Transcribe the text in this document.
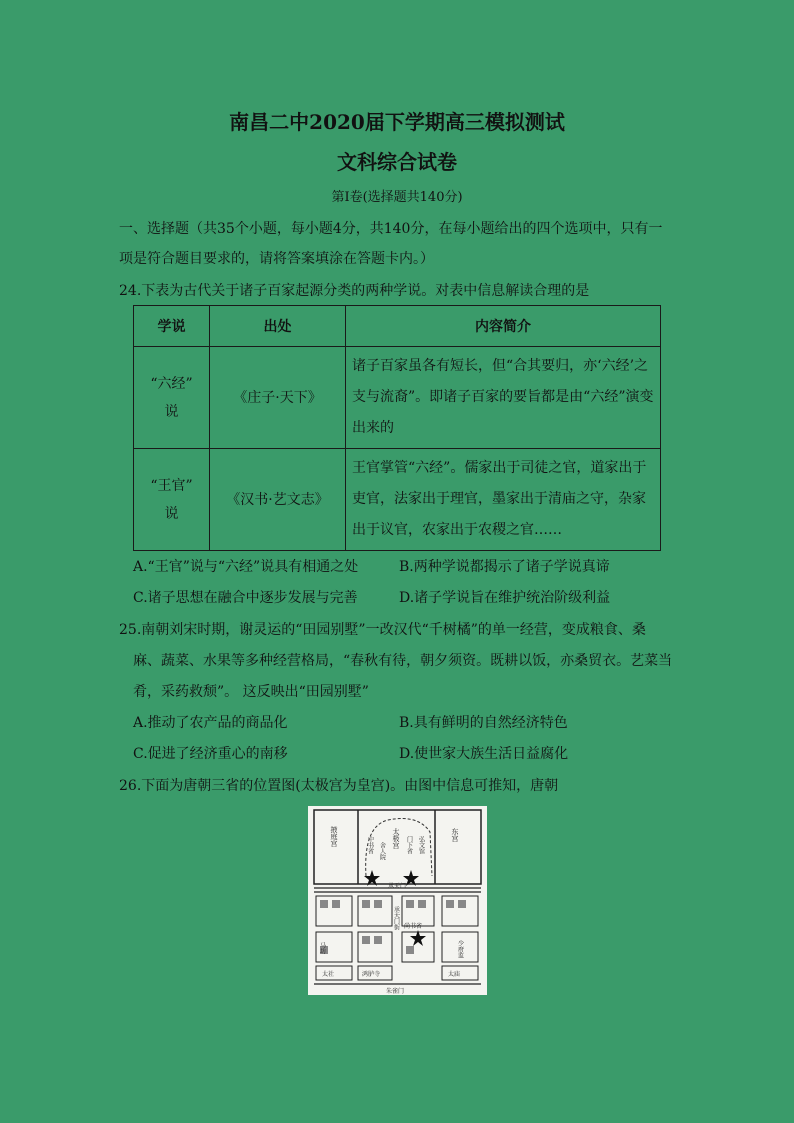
南昌二中2020届下学期高三模拟测试
文科综合试卷
第Ⅰ卷(选择题共140分)
一、选择题（共35个小题，每小题4分，共140分，在每小题给出的四个选项中，只有一
项是符合题目要求的，请将答案填涂在答题卡内。）
24.下表为古代关于诸子百家起源分类的两种学说。对表中信息解读合理的是
学说	出处	内容简介

“六经”
说	《庄子·天下》	诸子百家虽各有短长，但“合其要归，亦‘六经’之支与流裔”。即诸子百家的要旨都是由“六经”演变出来的

“王官”
说	《汉书·艺文志》	王官掌管“六经”。儒家出于司徒之官，道家出于吏官，法家出于理官，墨家出于清庙之守，杂家出于议官，农家出于农稷之官……
A.“王官”说与“六经”说具有相通之处	B.两种学说都揭示了诸子学说真谛
C.诸子思想在融合中逐步发展与完善	D.诸子学说旨在维护统治阶级利益
25.南朝刘宋时期，谢灵运的“田园别墅”一改汉代“千树橘”的单一经营，变成粮食、桑
麻、蔬菜、水果等多种经营格局，“春秋有待，朝夕须资。既耕以饭，亦桑贸衣。艺菜当
肴，采药救颓”。 这反映出“田园别墅”
A.推动了农产品的商品化	B.具有鲜明的自然经济特色
C.促进了经济重心的南移	D.使世家大族生活日益腐化
26.下面为唐朝三省的位置图(太极宫为皇宫)。由图中信息可推知，唐朝
掖庭宫	太极宫	东宫
中书省 舍人院	门下省 弘文馆
承天门
承天门街 尚书省
马坊	少府监
太社	鸿胪寺	太庙
朱雀门
